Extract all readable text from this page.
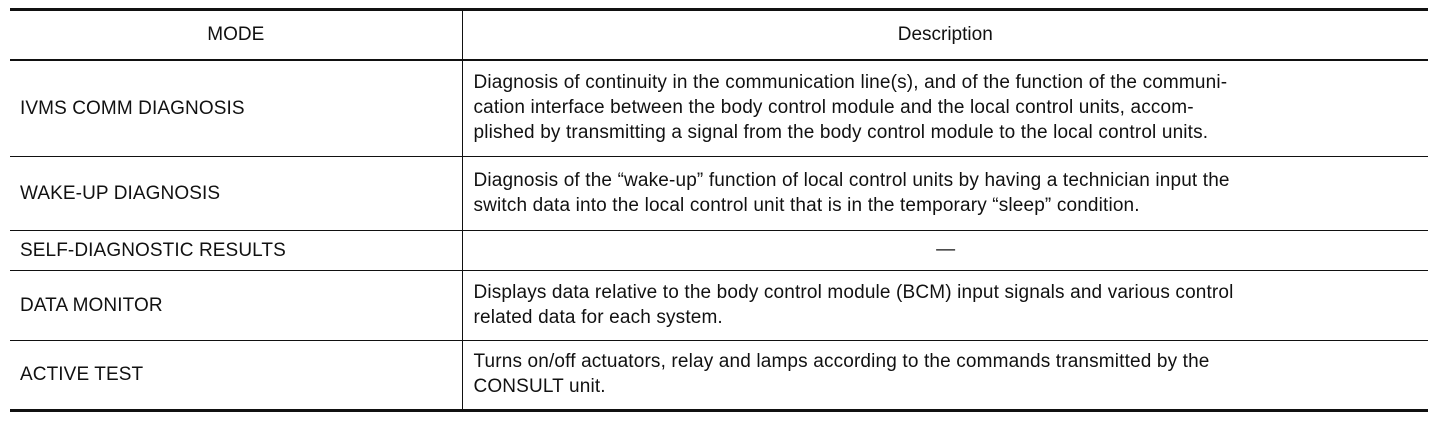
MODE	Description
IVMS COMM DIAGNOSIS	Diagnosis of continuity in the communication line(s), and of the function of the communi-

cation interface between the body control module and the local control units, accom-

plished by transmitting a signal from the body control module to the local control units.

WAKE-UP DIAGNOSIS	Diagnosis of the “wake-up” function of local control units by having a technician input the

switch data into the local control unit that is in the temporary “sleep” condition.

SELF-DIAGNOSTIC RESULTS	—

DATA MONITOR	Displays data relative to the body control module (BCM) input signals and various control

related data for each system.

ACTIVE TEST	Turns on/off actuators, relay and lamps according to the commands transmitted by the

CONSULT unit.
